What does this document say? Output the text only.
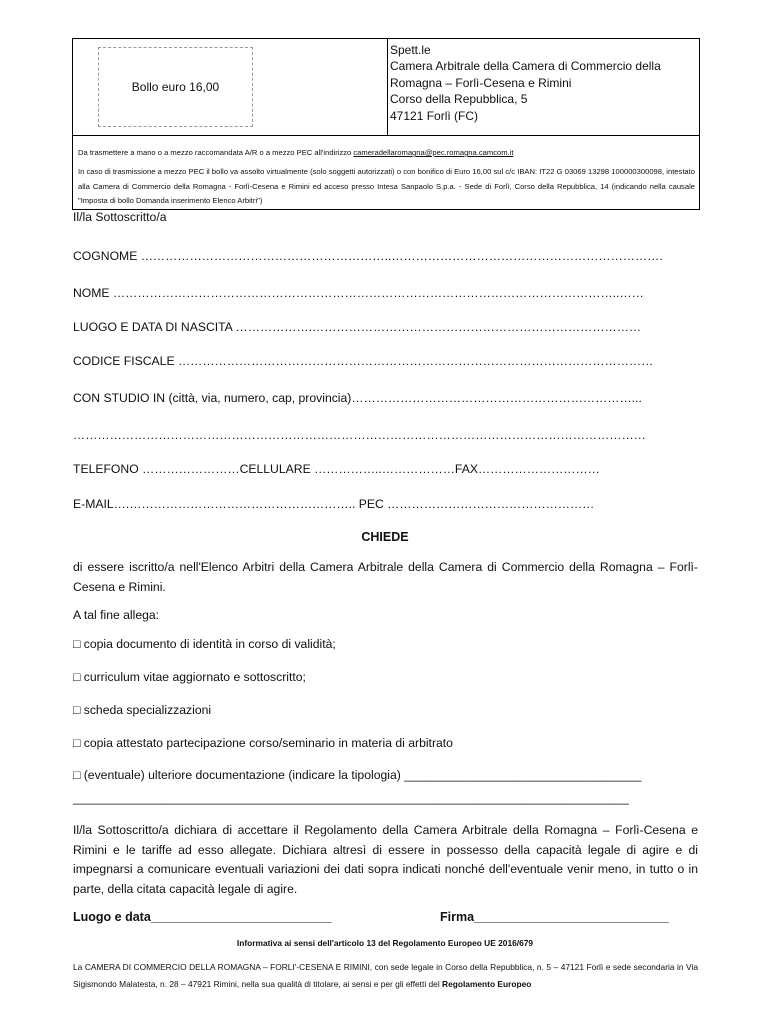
Bollo euro 16,00
Spett.le
Camera Arbitrale della Camera di Commercio della
Romagna – Forlì-Cesena e Rimini
Corso della Repubblica, 5
47121 Forlì (FC)
Da trasmettere a mano o a mezzo raccomandata A/R o a mezzo PEC all'indirizzo cameradellaromagna@pec.romagna.camcom.it
In caso di trasmissione a mezzo PEC il bollo va assolto virtualmente (solo soggetti autorizzati) o con bonifico di Euro 16,00 sul c/c IBAN: IT22 G 03069 13298 100000300098, intestato alla Camera di Commercio della Romagna - Forlì-Cesena e Rimini ed acceso presso Intesa Sanpaolo S.p.a. - Sede di Forlì, Corso della Repubblica, 14 (indicando nella causale "Imposta di bollo Domanda inserimento Elenco Arbitri")
Il/la Sottoscritto/a
COGNOME ……………………………………………………..………………………………………………………….
NOME ……………………………………………………………………………………………………………..……
LUOGO E DATA DI NASCITA ……………….………………………………………………………………………
CODICE FISCALE ………………………………………………………………………………………………………
CON STUDIO IN (città, via, numero, cap, provincia)……………………………………………………………...
……………………………………………………………………………………………………………………………
TELEFONO ……………………CELLULARE ……………..………………FAX…………………………
E-MAIL….……………………………………………….. PEC ……………………………………………
CHIEDE
di essere iscritto/a nell'Elenco Arbitri della Camera Arbitrale della Camera di Commercio della Romagna – Forlì-Cesena e Rimini.
A tal fine allega:
□ copia documento di identità in corso di validità;
□ curriculum vitae aggiornato e sottoscritto;
□ scheda specializzazioni
□ copia attestato partecipazione corso/seminario in materia di arbitrato
□ (eventuale) ulteriore documentazione (indicare la tipologia) ___________________________________
__________________________________________________________________________________
Il/la Sottoscritto/a dichiara di accettare il Regolamento della Camera Arbitrale della Romagna – Forlì-Cesena e Rimini e le tariffe ad esso allegate. Dichiara altresì di essere in possesso della capacità legale di agire e di impegnarsi a comunicare eventuali variazioni dei dati sopra indicati nonché dell'eventuale venir meno, in tutto o in parte, della citata capacità legale di agire.
Luogo e data__________________________	Firma____________________________
Informativa ai sensi dell'articolo 13 del Regolamento Europeo UE 2016/679
La CAMERA DI COMMERCIO DELLA ROMAGNA – FORLI'-CESENA E RIMINI, con sede legale in Corso della Repubblica, n. 5 – 47121 Forlì e sede secondaria in Via Sigismondo Malatesta, n. 28 – 47921 Rimini, nella sua qualità di titolare, ai sensi e per gli effetti del Regolamento Europeo
